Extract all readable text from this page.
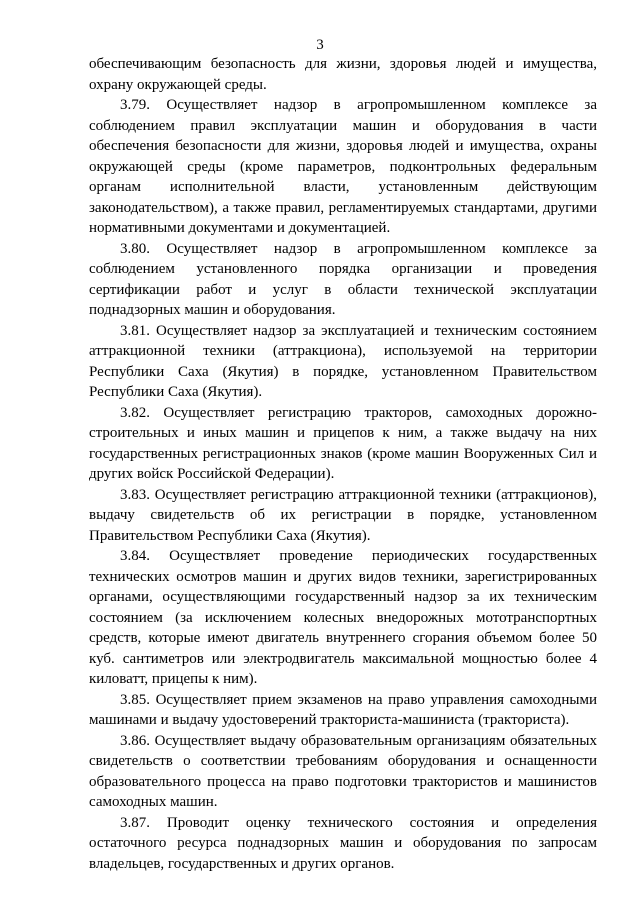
3

обеспечивающим безопасность для жизни, здоровья людей и имущества, охрану окружающей среды.

3.79. Осуществляет надзор в агропромышленном комплексе за соблюдением правил эксплуатации машин и оборудования в части обеспечения безопасности для жизни, здоровья людей и имущества, охраны окружающей среды (кроме параметров, подконтрольных федеральным органам исполнительной власти, установленным действующим законодательством), а также правил, регламентируемых стандартами, другими нормативными документами и документацией.

3.80. Осуществляет надзор в агропромышленном комплексе за соблюдением установленного порядка организации и проведения сертификации работ и услуг в области технической эксплуатации поднадзорных машин и оборудования.

3.81. Осуществляет надзор за эксплуатацией и техническим состоянием аттракционной техники (аттракциона), используемой на территории Республики Саха (Якутия) в порядке, установленном Правительством Республики Саха (Якутия).

3.82. Осуществляет регистрацию тракторов, самоходных дорожно-строительных и иных машин и прицепов к ним, а также выдачу на них государственных регистрационных знаков (кроме машин Вооруженных Сил и других войск Российской Федерации).

3.83. Осуществляет регистрацию аттракционной техники (аттракционов), выдачу свидетельств об их регистрации в порядке, установленном Правительством Республики Саха (Якутия).

3.84. Осуществляет проведение периодических государственных технических осмотров машин и других видов техники, зарегистрированных органами, осуществляющими государственный надзор за их техническим состоянием (за исключением колесных внедорожных мототранспортных средств, которые имеют двигатель внутреннего сгорания объемом более 50 куб. сантиметров или электродвигатель максимальной мощностью более 4 киловатт, прицепы к ним).

3.85. Осуществляет прием экзаменов на право управления самоходными машинами и выдачу удостоверений тракториста-машиниста (тракториста).

3.86. Осуществляет выдачу образовательным организациям обязательных свидетельств о соответствии требованиям оборудования и оснащенности образовательного процесса на право подготовки трактористов и машинистов самоходных машин.

3.87. Проводит оценку технического состояния и определения остаточного ресурса поднадзорных машин и оборудования по запросам владельцев, государственных и других органов.
